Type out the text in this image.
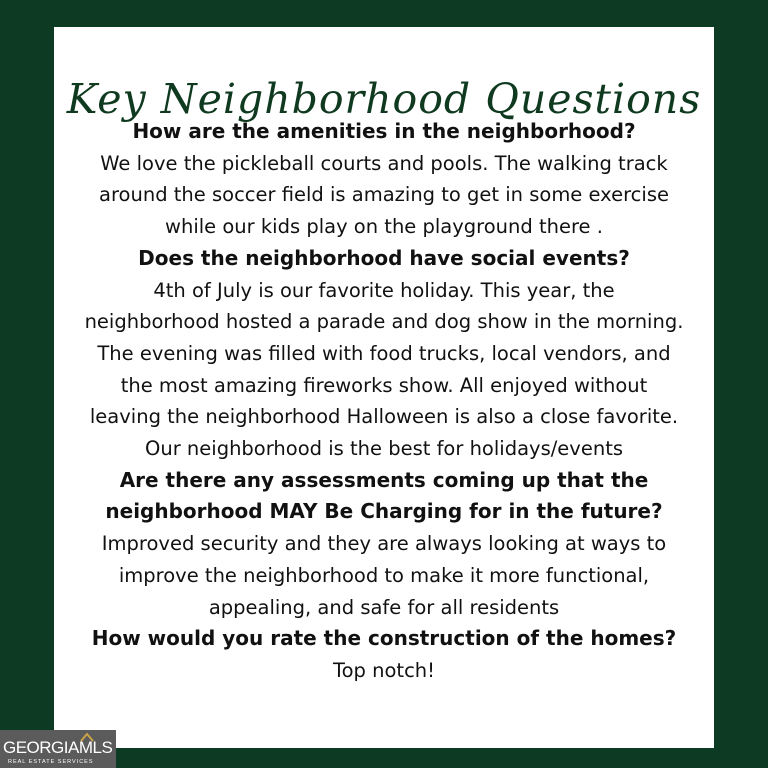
Key Neighborhood Questions

How are the amenities in the neighborhood?

We love the pickleball courts and pools. The walking track around the soccer field is amazing to get in some exercise while our kids play on the playground there .

Does the neighborhood have social events?

4th of July is our favorite holiday. This year, the neighborhood hosted a parade and dog show in the morning. The evening was filled with food trucks, local vendors, and the most amazing fireworks show. All enjoyed without leaving the neighborhood Halloween is also a close favorite. Our neighborhood is the best for holidays/events

Are there any assessments coming up that the neighborhood MAY Be Charging for in the future?

Improved security and they are always looking at ways to improve the neighborhood to make it more functional, appealing, and safe for all residents

How would you rate the construction of the homes?

Top notch!

GEORGIAMLS
REAL ESTATE SERVICES
